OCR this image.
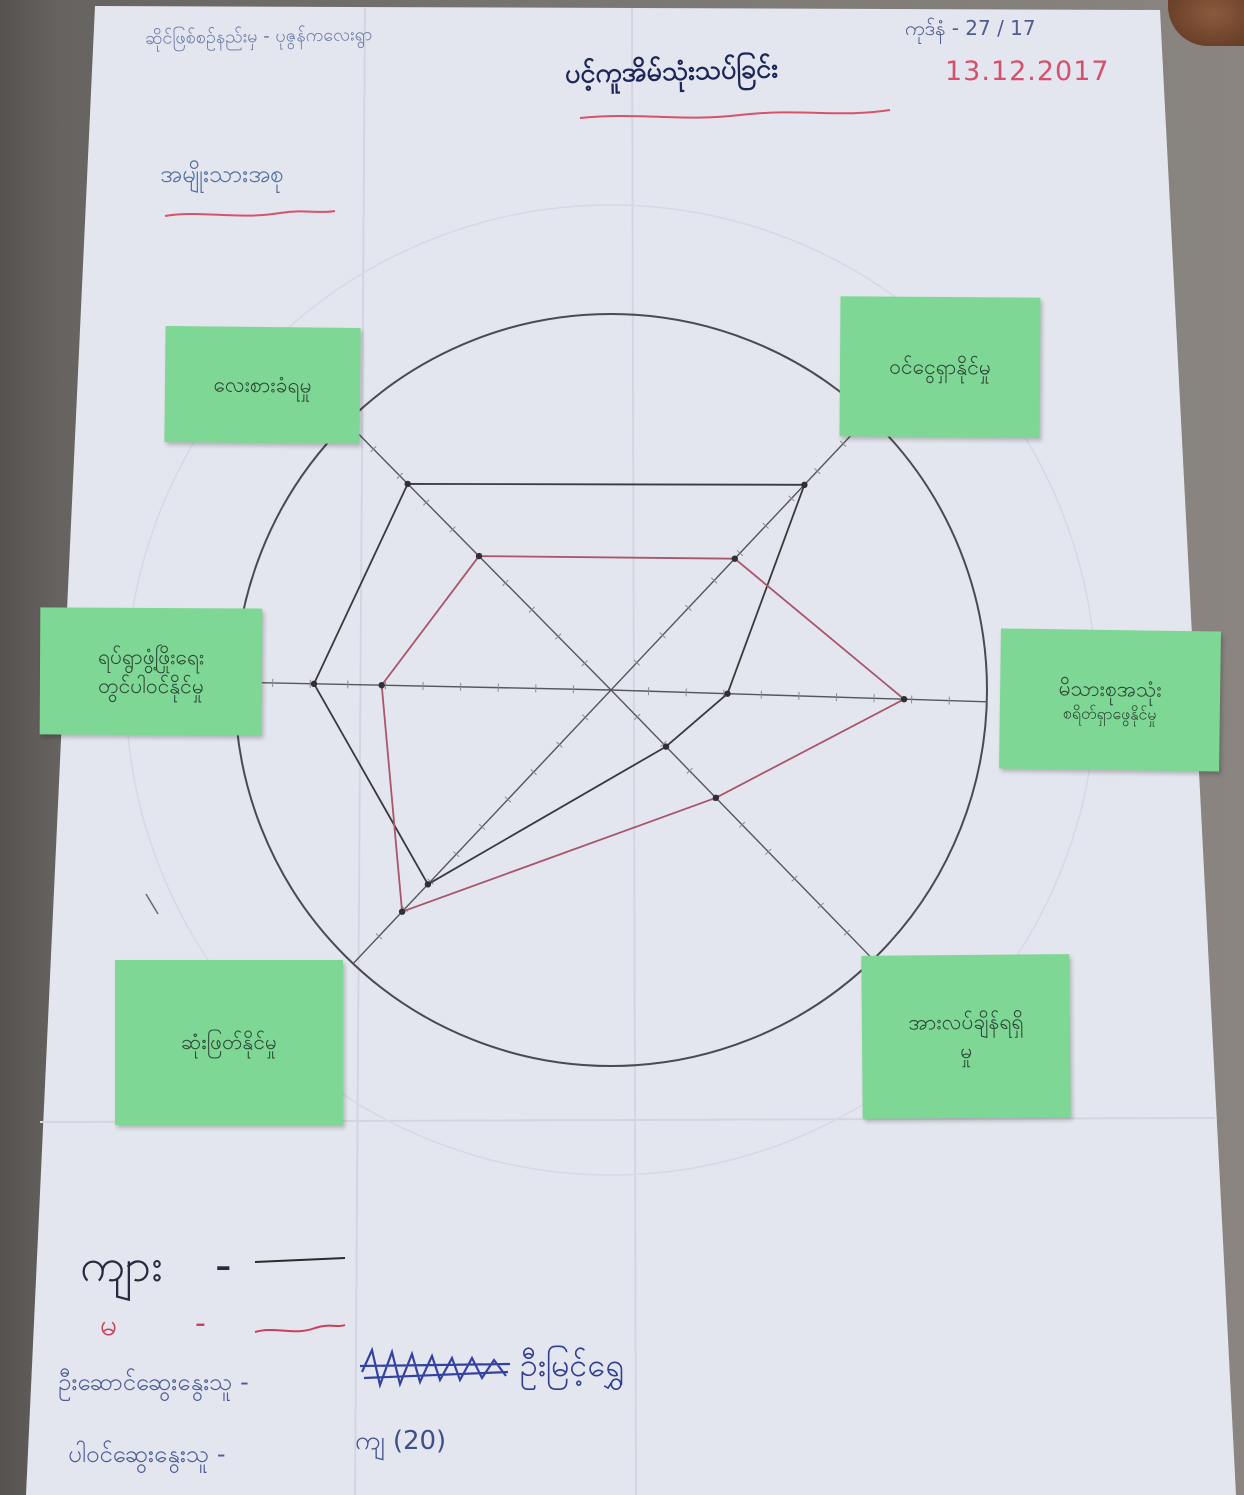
ဆိုင်ဖြစ်စဉ်နည်းမှ - ပုဇွန်ကလေးရွာ	ကုဒ်နံ - 27 / 17
13.12.2017
ပင့်ကူအိမ်သုံးသပ်ခြင်း
အမျိုးသားအစု
မိသားစုအသုံး
စရိတ်ရှာဖွေနိုင်မှု
အားလပ်ချိန်ရရှိ
မှု
ဆုံးဖြတ်နိုင်မှု
ရပ်ရွာဖွံ့ဖြိုးရေး
တွင်ပါဝင်နိုင်မှု
လေးစားခံရမှု
ဝင်ငွေရှာနိုင်မှု
ကျား -
မ	-
ဦးဆောင်ဆွေးနွေးသူ -	ဦးမြင့်ရွှေ
ပါဝင်ဆွေးနွေးသူ -	ကျ (20)
